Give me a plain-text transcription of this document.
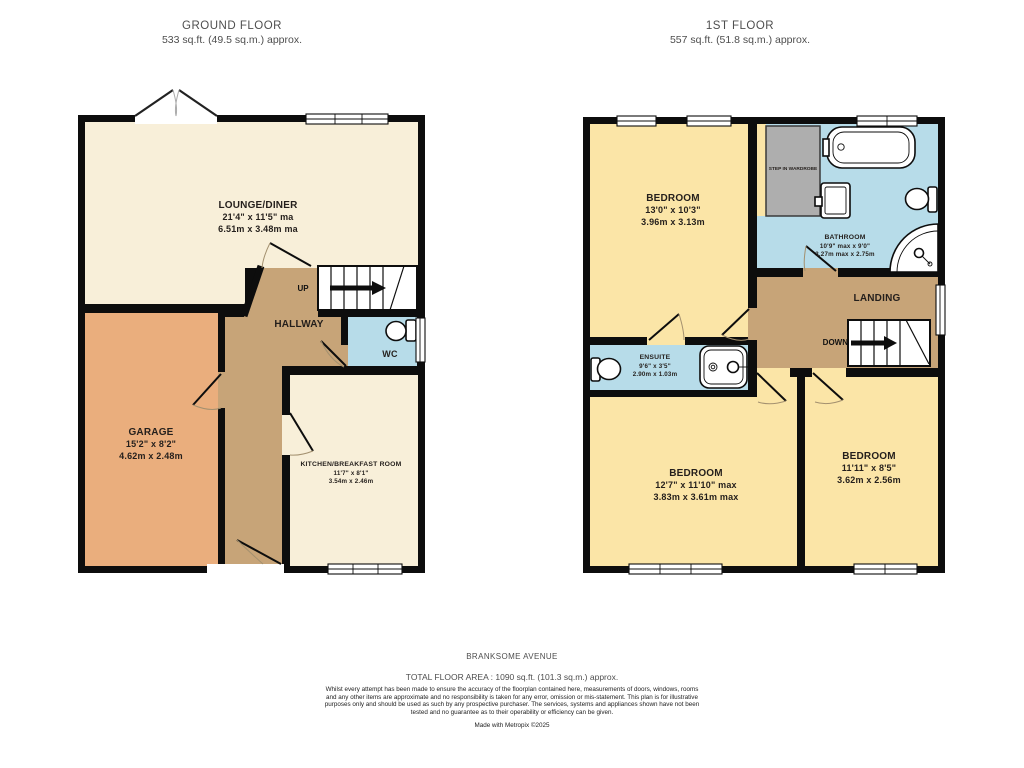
GROUND FLOOR
533 sq.ft. (49.5 sq.m.) approx.
1ST FLOOR
557 sq.ft. (51.8 sq.m.) approx.
LOUNGE/DINER
21'4" x 11'5" ma
6.51m x 3.48m ma
GARAGE
15'2" x 8'2"
4.62m x 2.48m
HALLWAY
WC
KITCHEN/BREAKFAST ROOM
11'7" x 8'1"
3.54m x 2.46m
UP
BEDROOM
13'0" x 10'3"
3.96m x 3.13m
STEP IN WARDROBE
BATHROOM
10'9" max x 9'0"
3.27m max x 2.75m
LANDING
ENSUITE
9'6" x 3'5"
2.90m x 1.03m
BEDROOM
12'7" x 11'10" max
3.83m x 3.61m max
BEDROOM
11'11" x 8'5"
3.62m x 2.56m
DOWN
BRANKSOME AVENUE
TOTAL FLOOR AREA : 1090 sq.ft. (101.3 sq.m.) approx.
Whilst every attempt has been made to ensure the accuracy of the floorplan contained here, measurements of doors, windows, rooms and any other items are approximate and no responsibility is taken for any error, omission or mis-statement. This plan is for illustrative purposes only and should be used as such by any prospective purchaser. The services, systems and appliances shown have not been tested and no guarantee as to their operability or efficiency can be given.
Made with Metropix ©2025
